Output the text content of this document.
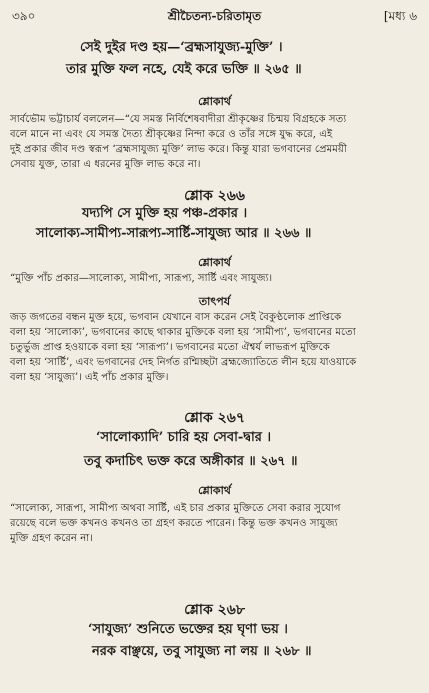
৩৯০	শ্রীচৈতন্য-চরিতামৃত	[মধ্য ৬
সেই দুইর দণ্ড হয়—‘ব্রহ্মসাযুজ্য-মুক্তি’ ।
তার মুক্তি ফল নহে, যেই করে ভক্তি ॥ ২৬৫ ॥
শ্লোকার্থ
সার্বভৌম ভট্টাচার্য বললেন—“যে সমস্ত নির্বিশেষবাদীরা শ্রীকৃষ্ণের চিন্ময় বিগ্রহকে সত্য
বলে মানে না এবং যে সমস্ত দৈত্য শ্রীকৃষ্ণের নিন্দা করে ও তাঁর সঙ্গে যুদ্ধ করে, এই
দুই প্রকার জীব দণ্ড স্বরূপ ‘ব্রহ্মসাযুজ্য মুক্তি’ লাভ করে। কিন্তু যারা ভগবানের প্রেমময়ী
সেবায় যুক্ত, তারা এ ধরনের মুক্তি লাভ করে না।
শ্লোক ২৬৬
যদ্যপি সে মুক্তি হয় পঞ্চ-প্রকার ।
সালোক্য-সামীপ্য-সারূপ্য-সার্ষ্টি-সাযুজ্য আর ॥ ২৬৬ ॥
শ্লোকার্থ
“মুক্তি পাঁচ প্রকার—সালোক্য, সামীপ্য, সারূপ্য, সার্ষ্টি এবং সাযুজ্য।
তাৎপর্য
জড় জগতের বন্ধন মুক্ত হয়ে, ভগবান যেখানে বাস করেন সেই বৈকুণ্ঠলোক প্রাপ্তিকে
বলা হয় ‘সালোক্য’, ভগবানের কাছে থাকার মুক্তিকে বলা হয় ‘সামীপ্য’, ভগবানের মতো
চতুর্ভুজ প্রাপ্ত হওয়াকে বলা হয় ‘সারূপ্য’। ভগবানের মতো ঐশ্বর্য লাভরূপ মুক্তিকে
বলা হয় ‘সার্ষ্টি’, এবং ভগবানের দেহ নির্গত রশ্মিচ্ছটা ব্রহ্মজ্যোতিতে লীন হয়ে যাওয়াকে
বলা হয় ‘সাযুজ্য’। এই পাঁচ প্রকার মুক্তি।
শ্লোক ২৬৭
‘সালোক্যাদি’ চারি হয় সেবা-দ্বার ।
তবু কদাচিৎ ভক্ত করে অঙ্গীকার ॥ ২৬৭ ॥
শ্লোকার্থ
“সালোক্য, সারূপ্য, সামীপ্য অথবা সার্ষ্টি, এই চার প্রকার মুক্তিতে সেবা করার সুযোগ
রয়েছে বলে ভক্ত কখনও কখনও তা গ্রহণ করতে পারেন। কিন্তু ভক্ত কখনও সাযুজ্য
মুক্তি গ্রহণ করেন না।
শ্লোক ২৬৮
‘সাযুজ্য’ শুনিতে ভক্তের হয় ঘৃণা ভয় ।
নরক বাঞ্ছয়ে, তবু সাযুজ্য না লয় ॥ ২৬৮ ॥
